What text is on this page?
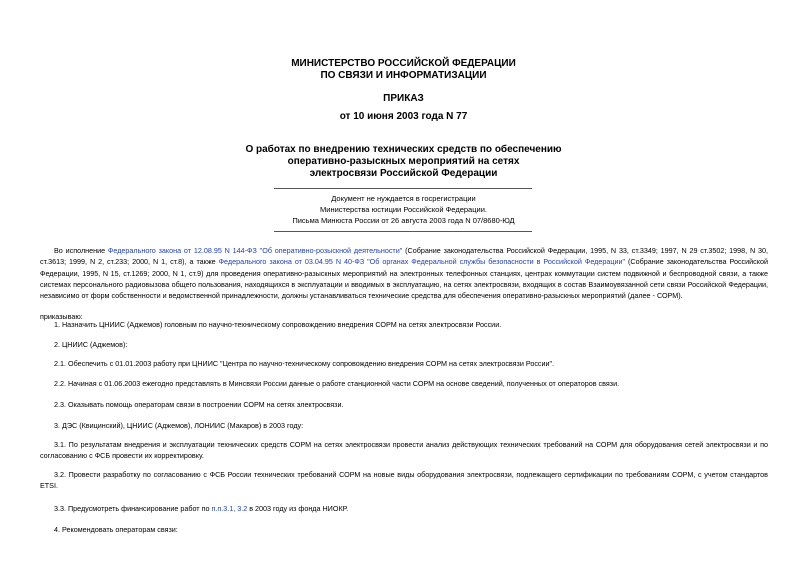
МИНИСТЕРСТВО РОССИЙСКОЙ ФЕДЕРАЦИИ
ПО СВЯЗИ И ИНФОРМАТИЗАЦИИ
ПРИКАЗ
от 10 июня 2003 года N 77
О работах по внедрению технических средств по обеспечению
оперативно-разыскных мероприятий на сетях
электросвязи Российской Федерации
Документ не нуждается в госрегистрации
Министерства юстиции Российской Федерации.
Письма Минюста России от 26 августа 2003 года N 07/8680-ЮД
Во исполнение Федерального закона от 12.08.95 N 144-ФЗ "Об оперативно-розыскной деятельности" (Собрание законодательства Российской Федерации, 1995, N 33, ст.3349; 1997, N 29 ст.3502; 1998, N 30, ст.3613; 1999, N 2, ст.233; 2000, N 1, ст.8), а также Федерального закона от 03.04.95 N 40-ФЗ "Об органах Федеральной службы безопасности в Российской Федерации" (Собрание законодательства Российской Федерации, 1995, N 15, ст.1269; 2000, N 1, ст.9) для проведения оперативно-разыскных мероприятий на электронных телефонных станциях, центрах коммутации систем подвижной и беспроводной связи, а также системах персонального радиовызова общего пользования, находящихся в эксплуатации и вводимых в эксплуатацию, на сетях электросвязи, входящих в состав Взаимоувязанной сети связи Российской Федерации, независимо от форм собственности и ведомственной принадлежности, должны устанавливаться технические средства для обеспечения оперативно-разыскных мероприятий (далее - СОРМ).
приказываю:
1. Назначить ЦНИИС (Аджемов) головным по научно-техническому сопровождению внедрения СОРМ на сетях электросвязи России.
2. ЦНИИС (Аджемов):
2.1. Обеспечить с 01.01.2003 работу при ЦНИИС "Центра по научно-техническому сопровождению внедрения СОРМ на сетях электросвязи России".
2.2. Начиная с 01.06.2003 ежегодно представлять в Минсвязи России данные о работе станционной части СОРМ на основе сведений, полученных от операторов связи.
2.3. Оказывать помощь операторам связи в построении СОРМ на сетях электросвязи.
3. ДЭС (Квицинский), ЦНИИС (Аджемов), ЛОНИИС (Макаров) в 2003 году:
3.1. По результатам внедрения и эксплуатации технических средств СОРМ на сетях электросвязи провести анализ действующих технических требований на СОРМ для оборудования сетей электросвязи и по согласованию с ФСБ провести их корректировку.
3.2. Провести разработку по согласованию с ФСБ России технических требований СОРМ на новые виды оборудования электросвязи, подлежащего сертификации по требованиям СОРМ, с учетом стандартов ETSI.
3.3. Предусмотреть финансирование работ по п.п.3.1, 3.2 в 2003 году из фонда НИОКР.
4. Рекомендовать операторам связи:
